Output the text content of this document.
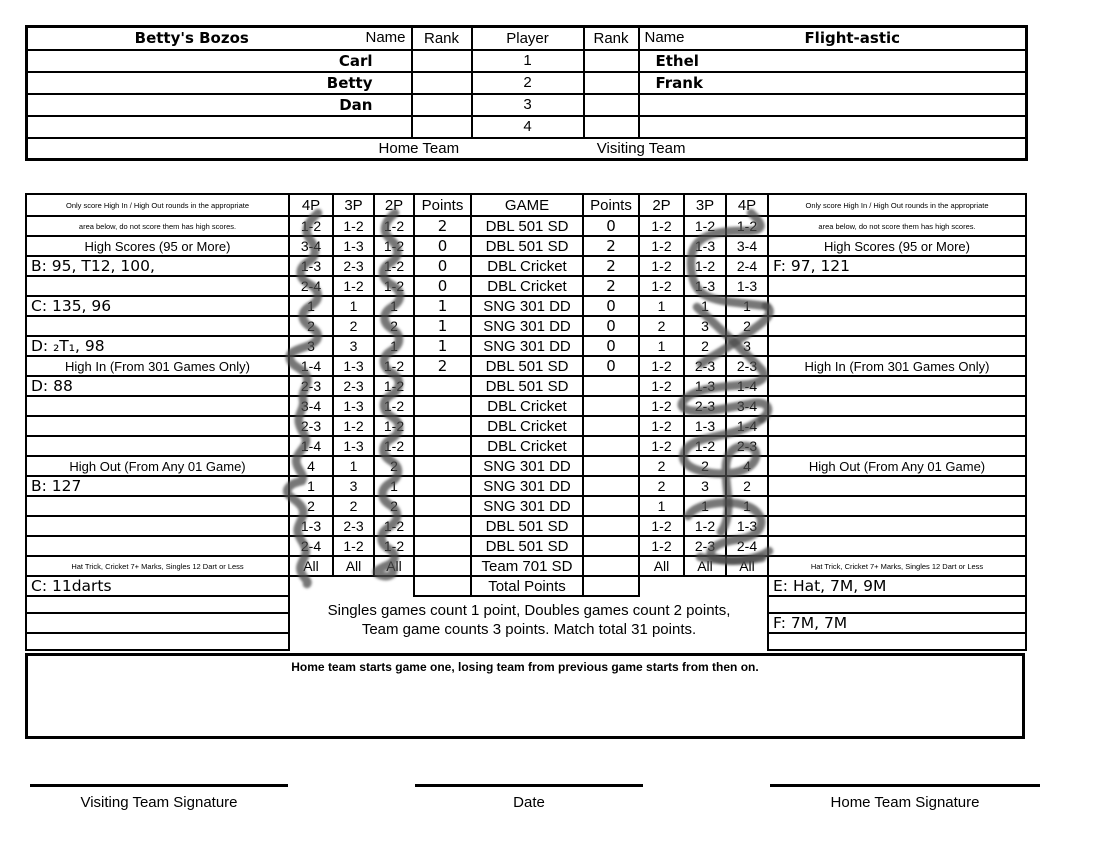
Betty's Bozos Name	Rank	Player	Rank	Name Flight-astic

Carl		1		Ethel
Betty		2		Frank
Dan		3		
		4		

Home Team Visiting Team				
Only score High In / High Out rounds in the appropriate	4P	3P	2P	Points	GAME	Points	2P	3P	4P	Only score High In / High Out rounds in the appropriate
area below, do not score them has high scores.	1-2	1-2	1-2	2	DBL 501 SD	0	1-2	1-2	1-2	area below, do not score them has high scores.
High Scores (95 or More)	3-4	1-3	1-2	0	DBL 501 SD	2	1-2	1-3	3-4	High Scores (95 or More)
B: 95, T12, 100,	1-3	2-3	1-2	0	DBL Cricket	2	1-2	1-2	2-4	F: 97, 121
	2-4	1-2	1-2	0	DBL Cricket	2	1-2	1-3	1-3	
C: 135, 96	1	1	1	1	SNG 301 DD	0	1	1	1	
	2	2	2	1	SNG 301 DD	0	2	3	2	
D: ₂T₁, 98	3	3	1	1	SNG 301 DD	0	1	2	3	
High In (From 301 Games Only)	1-4	1-3	1-2	2	DBL 501 SD	0	1-2	2-3	2-3	High In (From 301 Games Only)
D: 88	2-3	2-3	1-2		DBL 501 SD		1-2	1-3	1-4	
	3-4	1-3	1-2		DBL Cricket		1-2	2-3	3-4	
	2-3	1-2	1-2		DBL Cricket		1-2	1-3	1-4	
	1-4	1-3	1-2		DBL Cricket		1-2	1-2	2-3	
High Out (From Any 01 Game)	4	1	2		SNG 301 DD		2	2	4	High Out (From Any 01 Game)
B: 127	1	3	1		SNG 301 DD		2	3	2	
	2	2	2		SNG 301 DD		1	1	1	
	1-3	2-3	1-2		DBL 501 SD		1-2	1-2	1-3	
	2-4	1-2	1-2		DBL 501 SD		1-2	2-3	2-4	
Hat Trick, Cricket 7+ Marks, Singles 12 Dart or Less	All	All	All		Team 701 SD		All	All	All	Hat Trick, Cricket 7+ Marks, Singles 12 Dart or Less
C: 11darts					Total Points					E: Hat, 7M, 9M

										F: 7M, 7M

Singles games count 1 point, Doubles games count 2 points,
Team game counts 3 points. Match total 31 points.
Home team starts game one, losing team from previous game starts from then on.
Visiting Team Signature	Date	Home Team Signature
